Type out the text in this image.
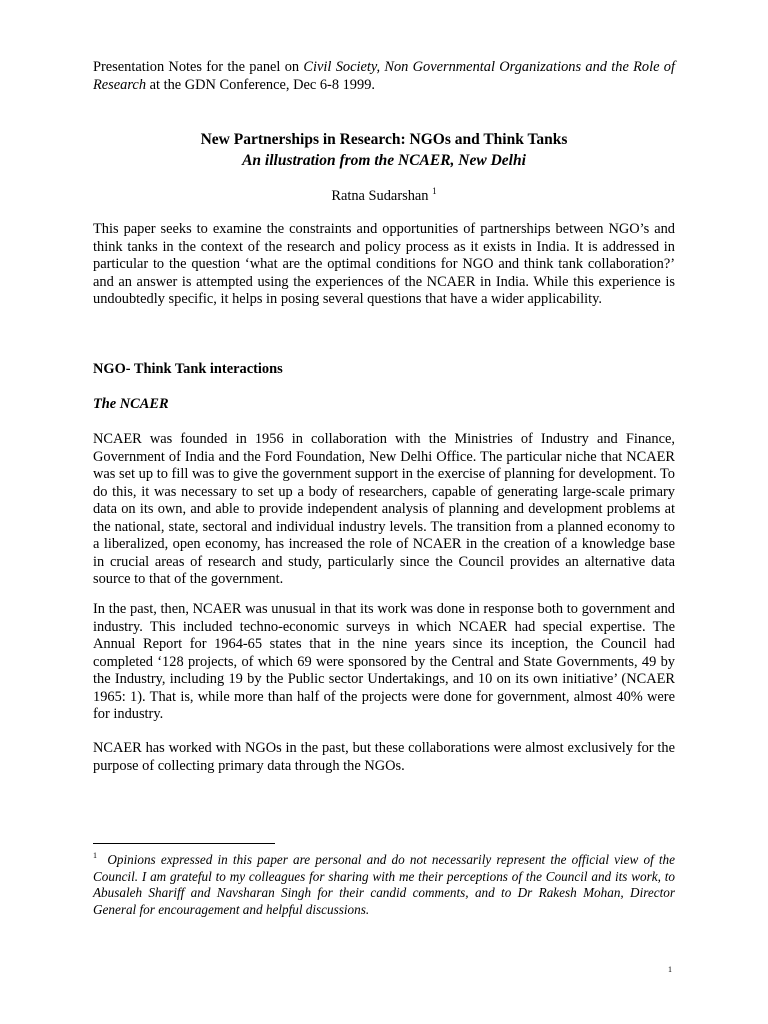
Presentation Notes for the panel on Civil Society, Non Governmental Organizations and the Role of Research at the GDN Conference, Dec 6-8 1999.
New Partnerships in Research: NGOs and Think Tanks
An illustration from the NCAER, New Delhi
Ratna Sudarshan $^1$
This paper seeks to examine the constraints and opportunities of partnerships between NGO’s and think tanks in the context of the research and policy process as it exists in India. It is addressed in particular to the question ‘what are the optimal conditions for NGO and think tank collaboration?’ and an answer is attempted using the experiences of the NCAER in India. While this experience is undoubtedly specific, it helps in posing several questions that have a wider applicability.
NGO- Think Tank interactions
The NCAER
NCAER was founded in 1956 in collaboration with the Ministries of Industry and Finance, Government of India and the Ford Foundation, New Delhi Office. The particular niche that NCAER was set up to fill was to give the government support in the exercise of planning for development. To do this, it was necessary to set up a body of researchers, capable of generating large-scale primary data on its own, and able to provide independent analysis of planning and development problems at the national, state, sectoral and individual industry levels. The transition from a planned economy to a liberalized, open economy, has increased the role of NCAER in the creation of a knowledge base in crucial areas of research and study, particularly since the Council provides an alternative data source to that of the government.
In the past, then, NCAER was unusual in that its work was done in response both to government and industry. This included techno-economic surveys in which NCAER had special expertise. The Annual Report for 1964-65 states that in the nine years since its inception, the Council had completed ‘128 projects, of which 69 were sponsored by the Central and State Governments, 49 by the Industry, including 19 by the Public sector Undertakings, and 10 on its own initiative’ (NCAER 1965: 1). That is, while more than half of the projects were done for government, almost 40% were for industry.
NCAER has worked with NGOs in the past, but these collaborations were almost exclusively for the purpose of collecting primary data through the NGOs.
$^1$ Opinions expressed in this paper are personal and do not necessarily represent the official view of the Council. I am grateful to my colleagues for sharing with me their perceptions of the Council and its work, to Abusaleh Shariff and Navsharan Singh for their candid comments, and to Dr Rakesh Mohan, Director General for encouragement and helpful discussions.
1
